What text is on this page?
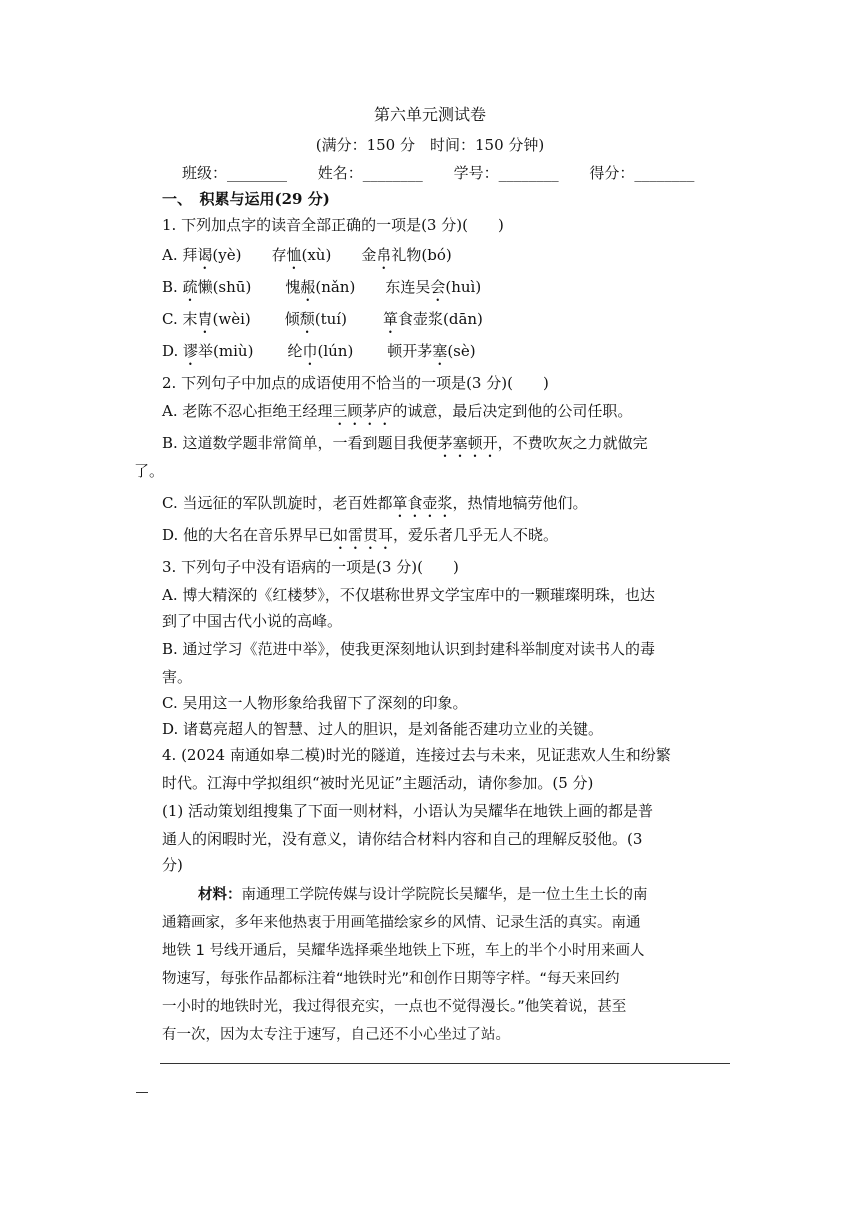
第六单元测试卷
(满分：150 分　时间：150 分钟)
班级：________ 姓名：________ 学号：________ 得分：________
一、　积累与运用(29 分)
1. 下列加点字的读音全部正确的一项是(3 分)(　　)
A. 拜谒(yè) 存恤(xù) 金帛礼物(bó)
B. 疏懒(shū) 愧赧(nǎn) 东连吴会(huì)
C. 末胄(wèi) 倾颓(tuí) 箪食壶浆(dān)
D. 谬举(miù) 纶巾(lún) 顿开茅塞(sè)
2. 下列句子中加点的成语使用不恰当的一项是(3 分)(　　)
A. 老陈不忍心拒绝王经理三顾茅庐的诚意，最后决定到他的公司任职。
B. 这道数学题非常简单，一看到题目我便茅塞顿开，不费吹灰之力就做完
了。
C. 当远征的军队凯旋时，老百姓都箪食壶浆，热情地犒劳他们。
D. 他的大名在音乐界早已如雷贯耳，爱乐者几乎无人不晓。
3. 下列句子中没有语病的一项是(3 分)(　　)
A. 博大精深的《红楼梦》，不仅堪称世界文学宝库中的一颗璀璨明珠，也达
到了中国古代小说的高峰。
B. 通过学习《范进中举》，使我更深刻地认识到封建科举制度对读书人的毒
害。
C. 吴用这一人物形象给我留下了深刻的印象。
D. 诸葛亮超人的智慧、过人的胆识，是刘备能否建功立业的关键。
4. (2024 南通如皋二模)时光的隧道，连接过去与未来，见证悲欢人生和纷繁
时代。江海中学拟组织“被时光见证”主题活动，请你参加。(5 分)
(1) 活动策划组搜集了下面一则材料，小语认为吴耀华在地铁上画的都是普
通人的闲暇时光，没有意义，请你结合材料内容和自己的理解反驳他。(3
分)
材料：南通理工学院传媒与设计学院院长吴耀华，是一位土生土长的南
通籍画家，多年来他热衷于用画笔描绘家乡的风情、记录生活的真实。南通
地铁 1 号线开通后，吴耀华选择乘坐地铁上下班，车上的半个小时用来画人
物速写，每张作品都标注着“地铁时光”和创作日期等字样。“每天来回约
一小时的地铁时光，我过得很充实，一点也不觉得漫长。”他笑着说，甚至
有一次，因为太专注于速写，自己还不小心坐过了站。
